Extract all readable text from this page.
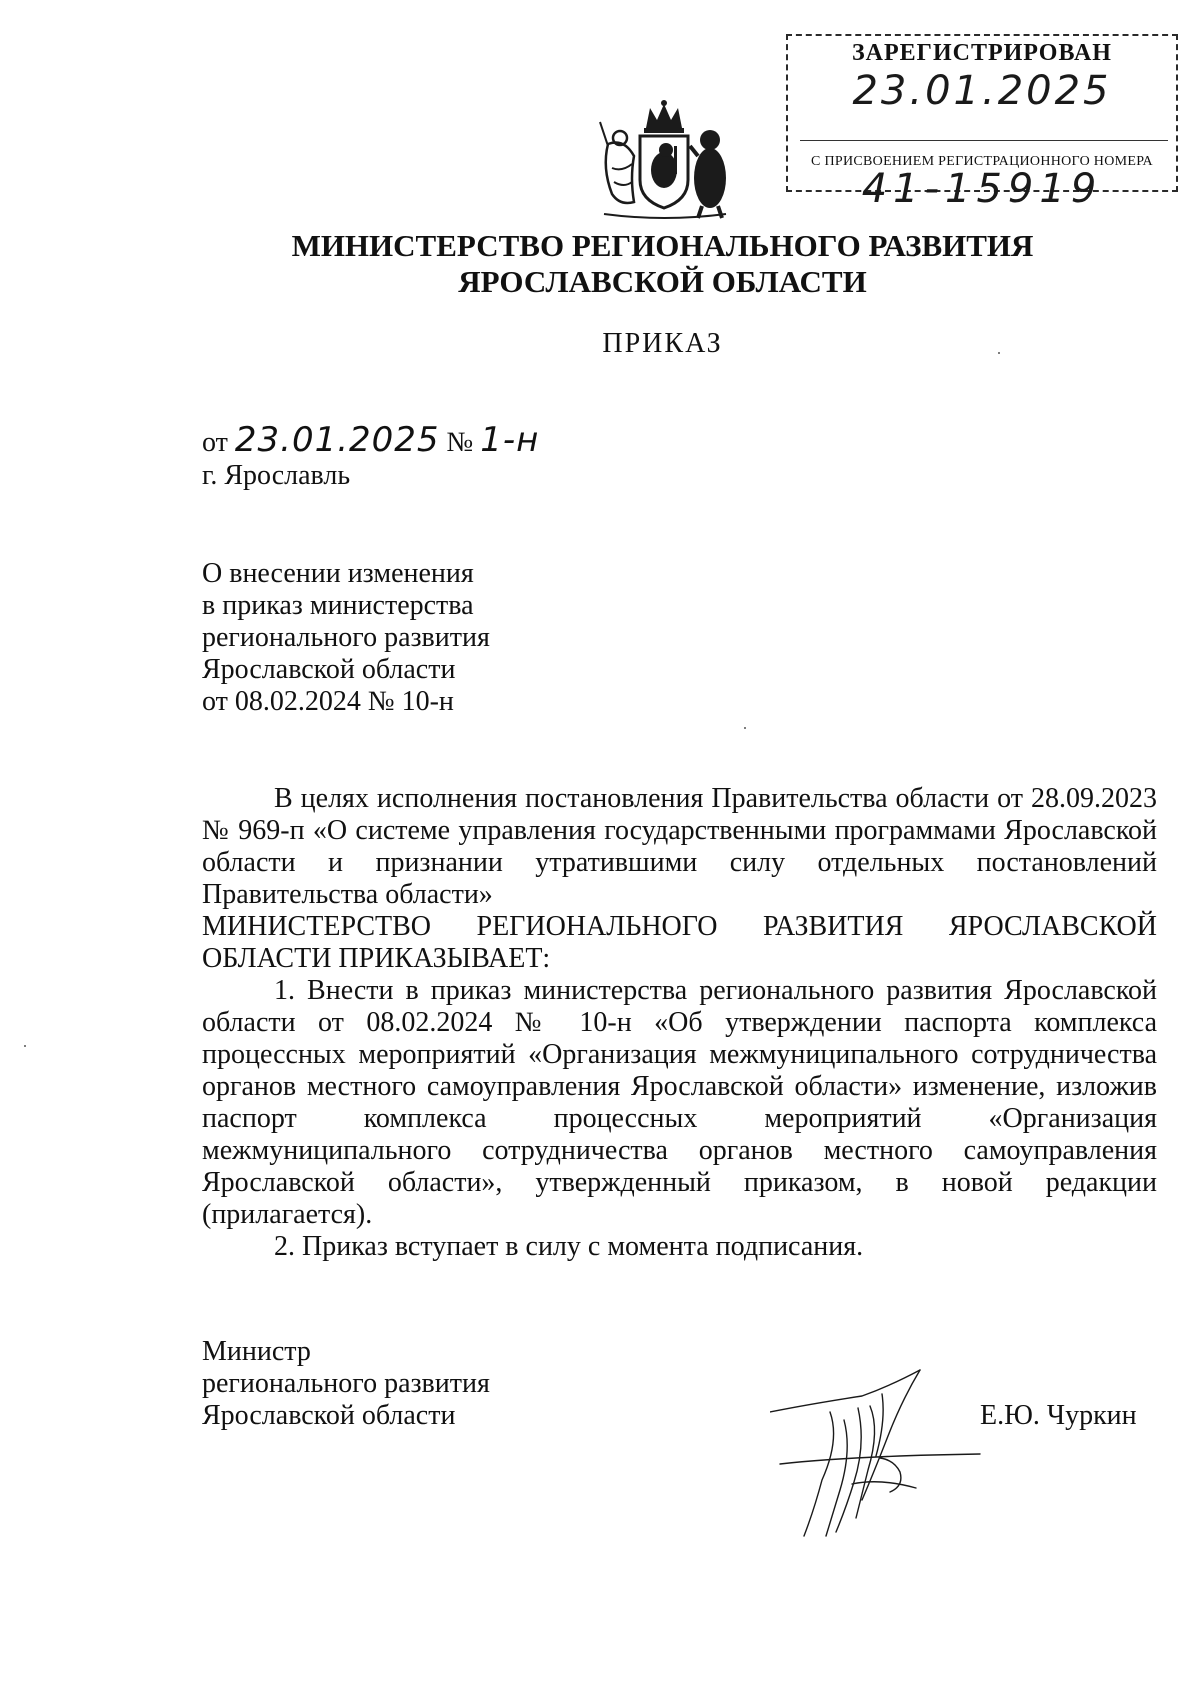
ЗАРЕГИСТРИРОВАН
23.01.2025
С ПРИСВОЕНИЕМ РЕГИСТРАЦИОННОГО НОМЕРА
41-15919
МИНИСТЕРСТВО РЕГИОНАЛЬНОГО РАЗВИТИЯ
ЯРОСЛАВСКОЙ ОБЛАСТИ
ПРИКАЗ
от 23.01.2025 № 1-н
г. Ярославль
О внесении изменения
в приказ министерства
регионального развития
Ярославской области
от 08.02.2024 № 10-н

В целях исполнения постановления Правительства области от 28.09.2023 № 969-п «О системе управления государственными программами Ярославской области и признании утратившими силу отдельных постановлений Правительства области»

МИНИСТЕРСТВО РЕГИОНАЛЬНОГО РАЗВИТИЯ ЯРОСЛАВСКОЙ

ОБЛАСТИ ПРИКАЗЫВАЕТ:

1. Внести в приказ министерства регионального развития Ярославской области от 08.02.2024 № 10-н «Об утверждении паспорта комплекса процессных мероприятий «Организация межмуниципального сотрудничества органов местного самоуправления Ярославской области» изменение, изложив паспорт комплекса процессных мероприятий «Организация межмуниципального сотрудничества органов местного самоуправления Ярославской области», утвержденный приказом, в новой редакции (прилагается).

2. Приказ вступает в силу с момента подписания.

Министр
регионального развития
Ярославской области	Е.Ю. Чуркин
